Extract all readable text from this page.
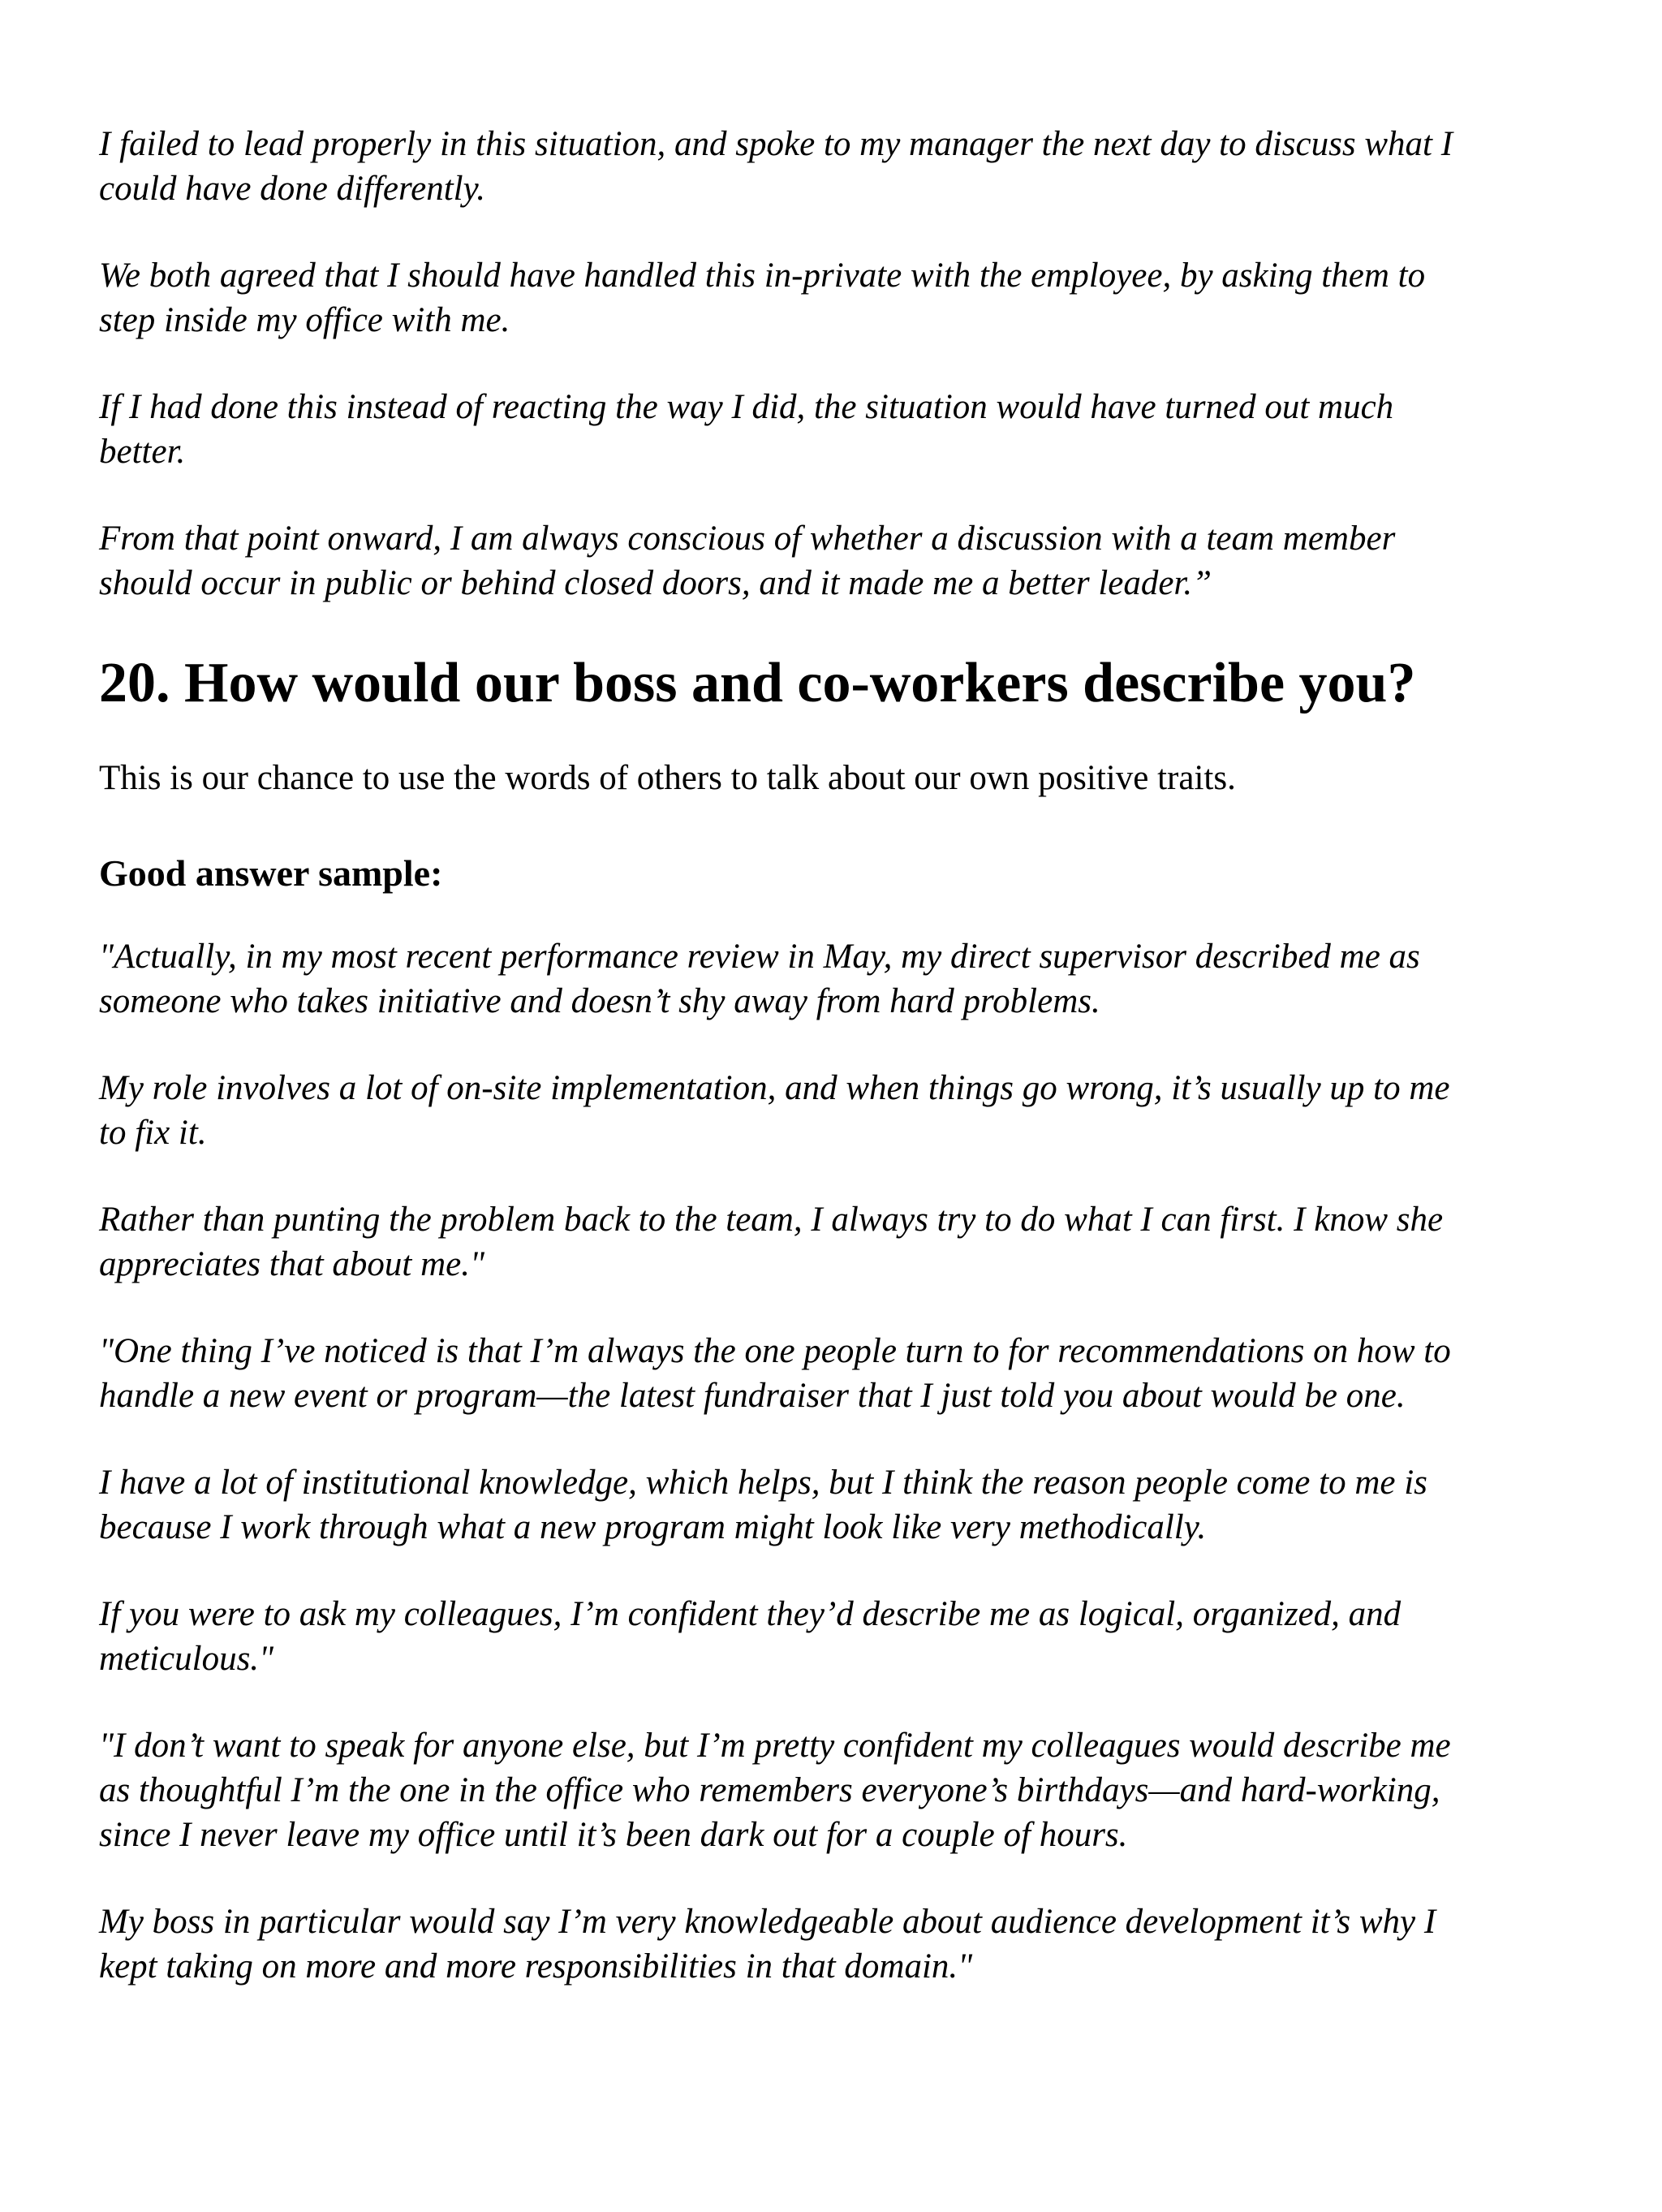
I failed to lead properly in this situation, and spoke to my manager the next day to discuss what I
could have done differently.

We both agreed that I should have handled this in-private with the employee, by asking them to
step inside my office with me.

If I had done this instead of reacting the way I did, the situation would have turned out much
better.

From that point onward, I am always conscious of whether a discussion with a team member
should occur in public or behind closed doors, and it made me a better leader.”

20. How would our boss and co-workers describe you?

This is our chance to use the words of others to talk about our own positive traits.

Good answer sample:

"Actually, in my most recent performance review in May, my direct supervisor described me as
someone who takes initiative and doesn’t shy away from hard problems.

My role involves a lot of on-site implementation, and when things go wrong, it’s usually up to me
to fix it.

Rather than punting the problem back to the team, I always try to do what I can first. I know she
appreciates that about me."

"One thing I’ve noticed is that I’m always the one people turn to for recommendations on how to
handle a new event or program—the latest fundraiser that I just told you about would be one.

I have a lot of institutional knowledge, which helps, but I think the reason people come to me is
because I work through what a new program might look like very methodically.

If you were to ask my colleagues, I’m confident they’d describe me as logical, organized, and
meticulous."

"I don’t want to speak for anyone else, but I’m pretty confident my colleagues would describe me
as thoughtful I’m the one in the office who remembers everyone’s birthdays—and hard-working,
since I never leave my office until it’s been dark out for a couple of hours.

My boss in particular would say I’m very knowledgeable about audience development it’s why I
kept taking on more and more responsibilities in that domain."
